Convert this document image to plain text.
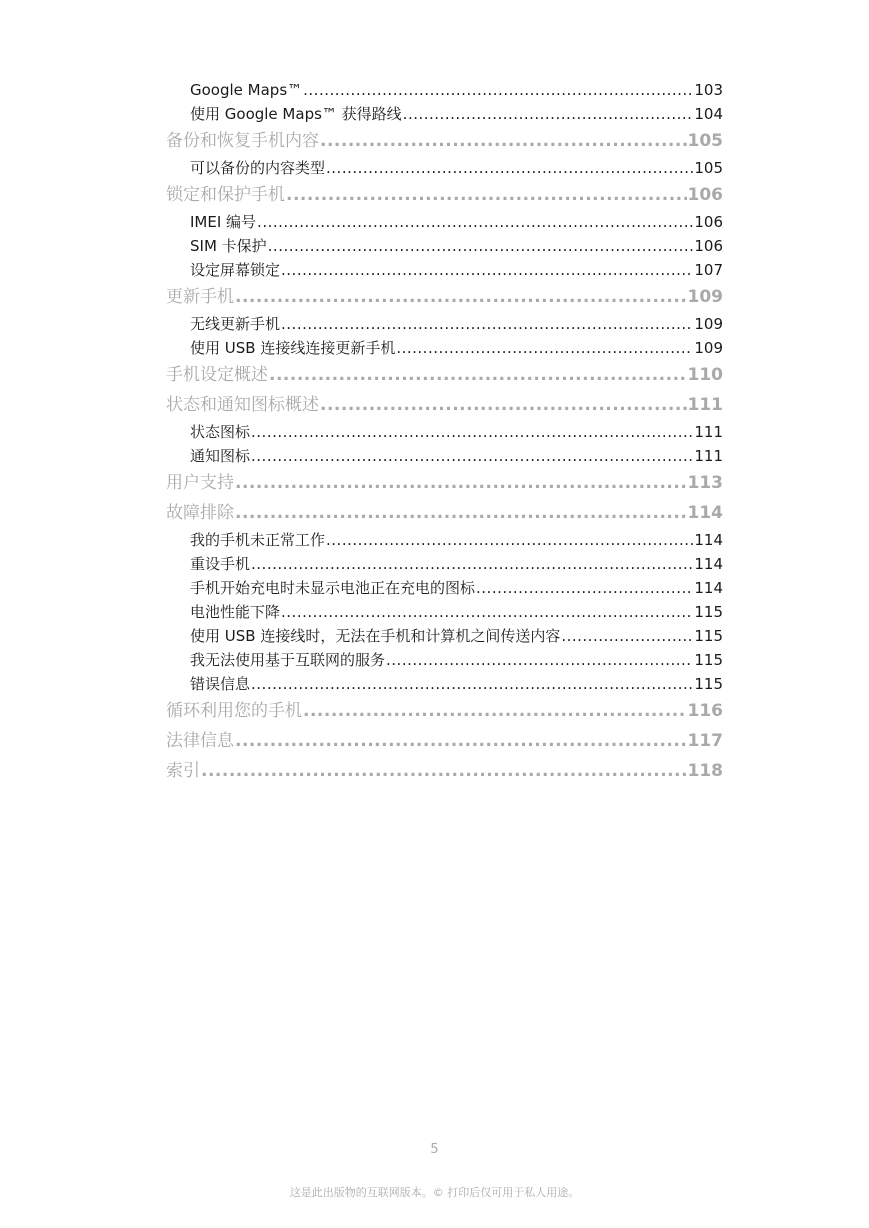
Google Maps™ .....	103
使用 Google Maps™ 获得路线 .....	104
备份和恢复手机内容 .....	105
可以备份的内容类型 .....	105
锁定和保护手机 .....	106
IMEI 编号 .....	106
SIM 卡保护 .....	106
设定屏幕锁定 .....	107
更新手机 .....	109
无线更新手机 .....	109
使用 USB 连接线连接更新手机 .....	109
手机设定概述 .....	110
状态和通知图标概述 .....	111
状态图标 .....	111
通知图标 .....	111
用户支持 .....	113
故障排除 .....	114
我的手机未正常工作 .....	114
重设手机 .....	114
手机开始充电时未显示电池正在充电的图标 .....	114
电池性能下降 .....	115
使用 USB 连接线时，无法在手机和计算机之间传送内容 .....	115
我无法使用基于互联网的服务 .....	115
错误信息 .....	115
循环利用您的手机 .....	116
法律信息 .....	117
索引 .....	118
5
这是此出版物的互联网版本。© 打印后仅可用于私人用途。
